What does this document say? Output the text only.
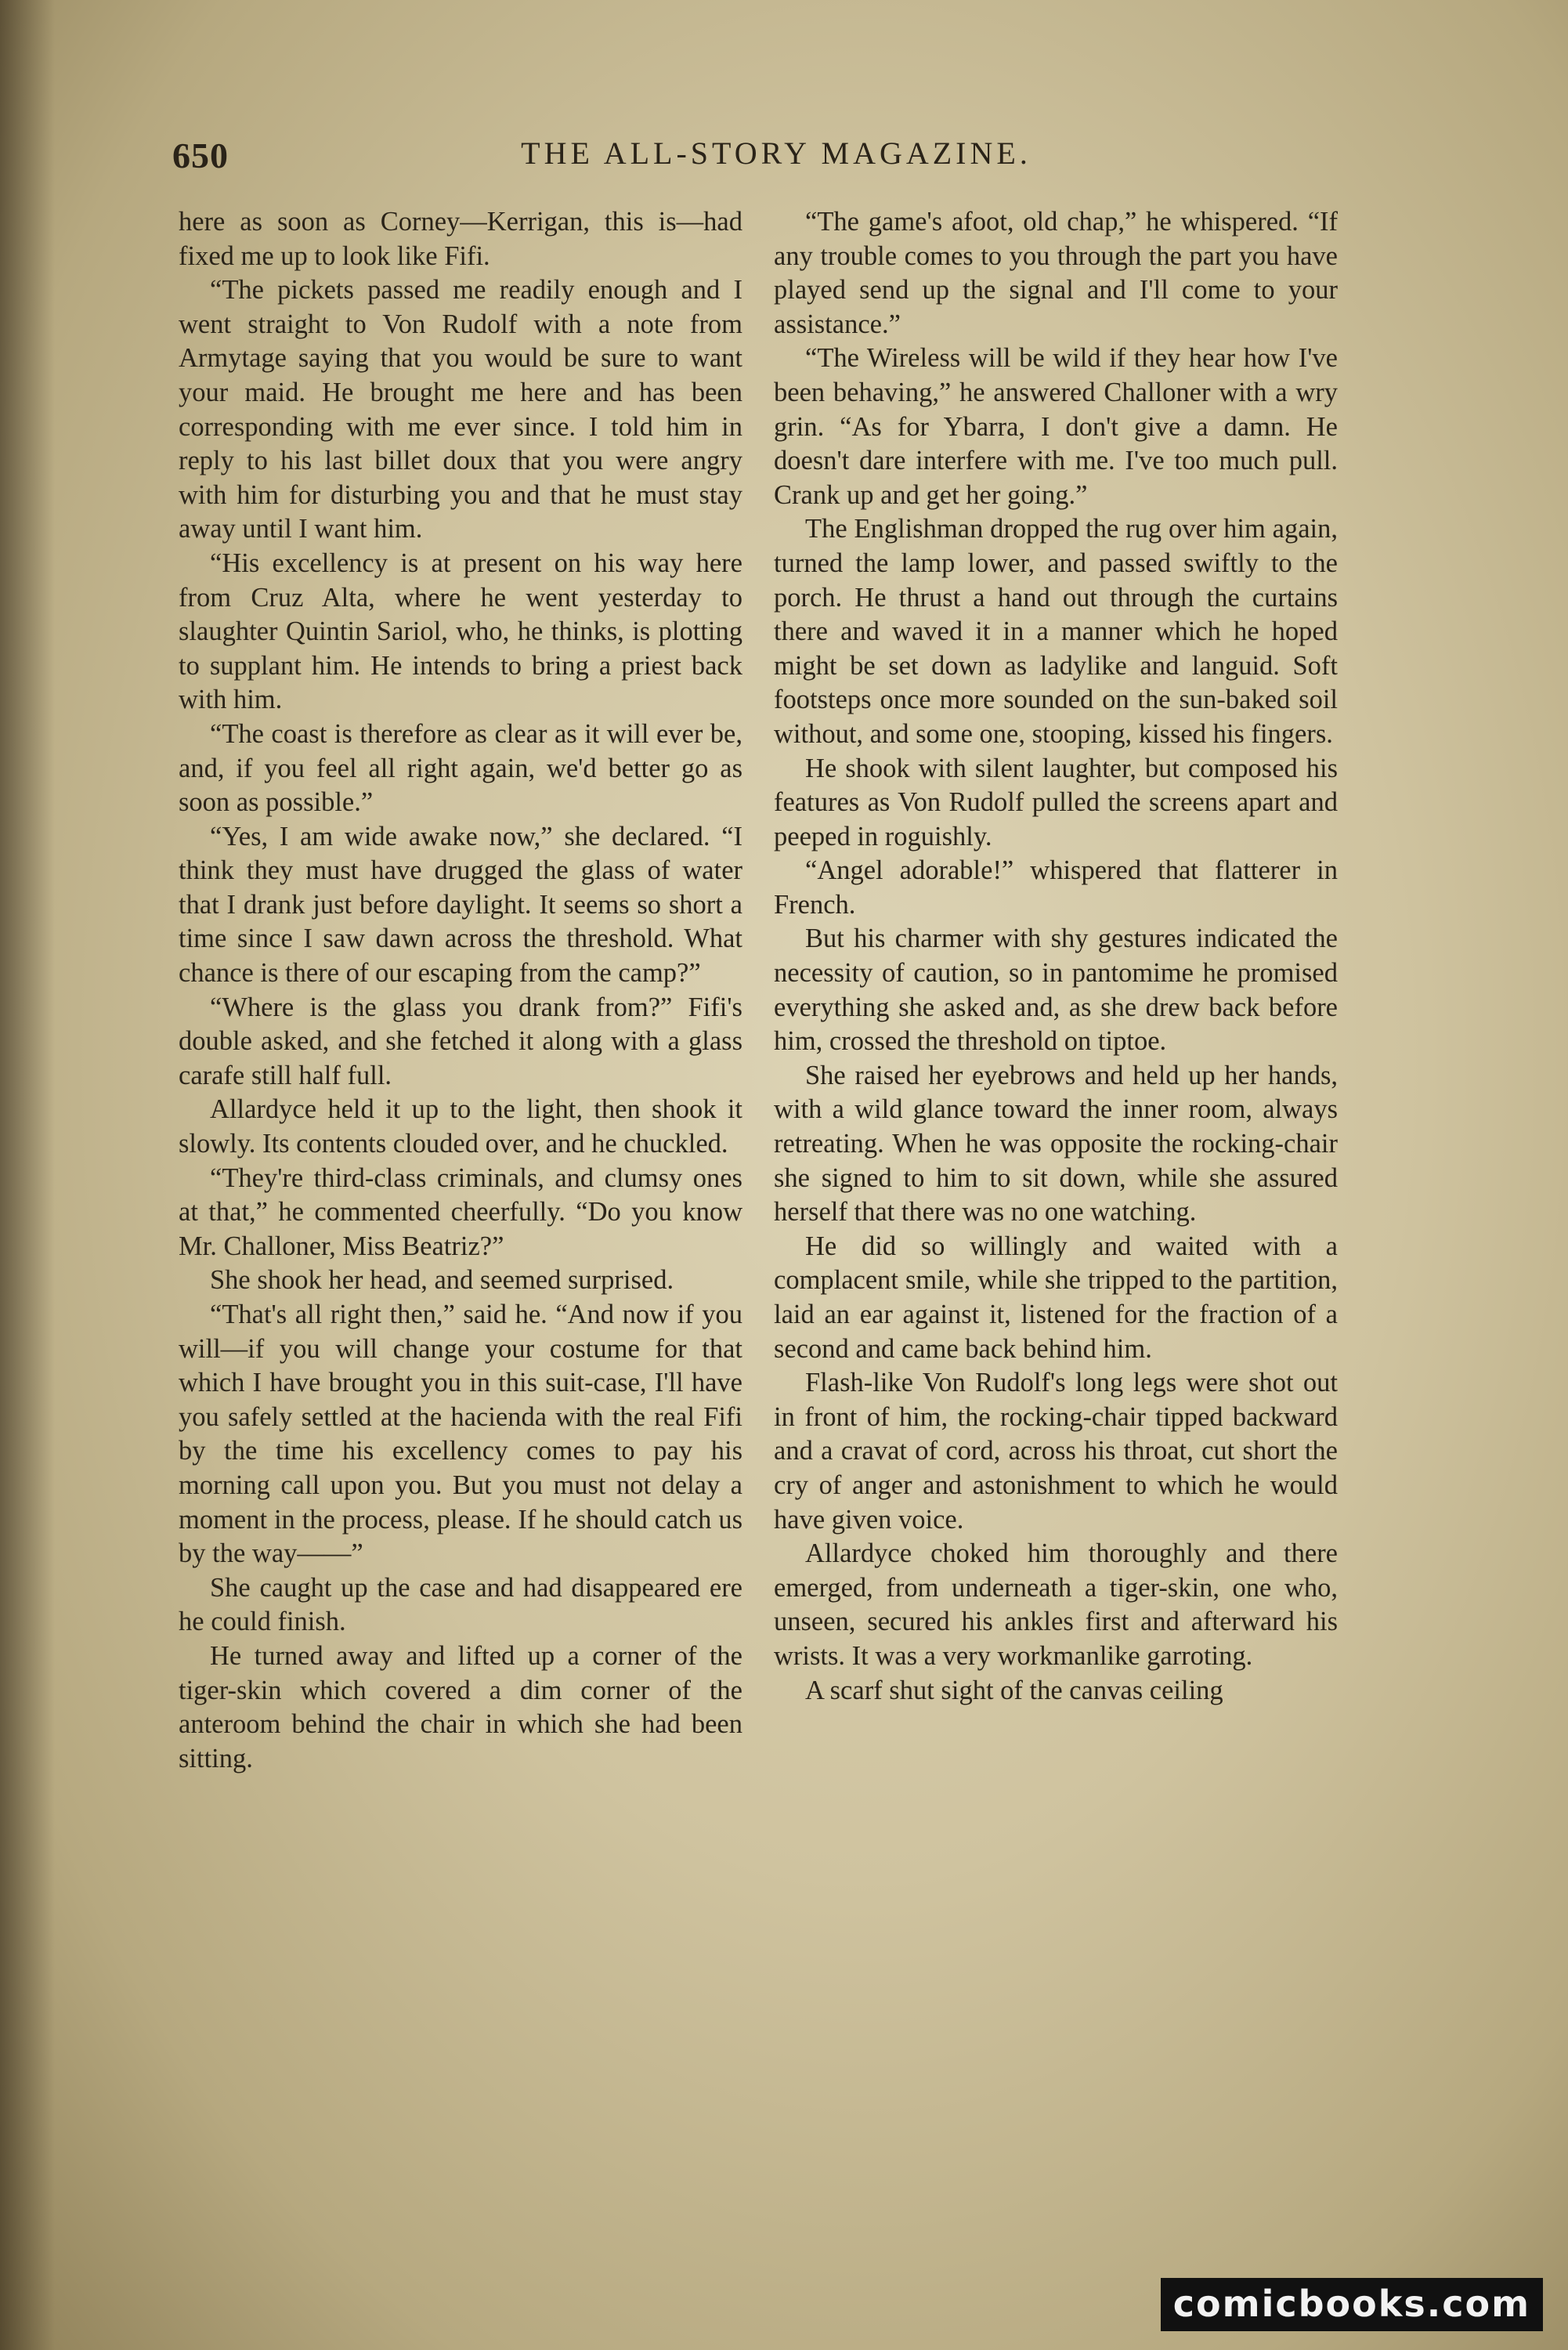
650	THE ALL-STORY MAGAZINE.

here as soon as Corney—Kerrigan, this is—had fixed me up to look like Fifi.

“The pickets passed me readily enough and I went straight to Von Rudolf with a note from Armytage saying that you would be sure to want your maid. He brought me here and has been corresponding with me ever since. I told him in reply to his last billet doux that you were angry with him for disturbing you and that he must stay away until I want him.

“His excellency is at present on his way here from Cruz Alta, where he went yesterday to slaughter Quintin Sariol, who, he thinks, is plotting to supplant him. He intends to bring a priest back with him.

“The coast is therefore as clear as it will ever be, and, if you feel all right again, we'd better go as soon as possible.”

“Yes, I am wide awake now,” she declared. “I think they must have drugged the glass of water that I drank just before daylight. It seems so short a time since I saw dawn across the threshold. What chance is there of our escaping from the camp?”

“Where is the glass you drank from?” Fifi's double asked, and she fetched it along with a glass carafe still half full.

Allardyce held it up to the light, then shook it slowly. Its contents clouded over, and he chuckled.

“They're third-class criminals, and clumsy ones at that,” he commented cheerfully. “Do you know Mr. Challoner, Miss Beatriz?”

She shook her head, and seemed surprised.

“That's all right then,” said he. “And now if you will—if you will change your costume for that which I have brought you in this suit-case, I'll have you safely settled at the hacienda with the real Fifi by the time his excellency comes to pay his morning call upon you. But you must not delay a moment in the process, please. If he should catch us by the way——”

She caught up the case and had disappeared ere he could finish.

He turned away and lifted up a corner of the tiger-skin which covered a dim corner of the anteroom behind the chair in which she had been sitting.

“The game's afoot, old chap,” he whispered. “If any trouble comes to you through the part you have played send up the signal and I'll come to your assistance.”

“The Wireless will be wild if they hear how I've been behaving,” he answered Challoner with a wry grin. “As for Ybarra, I don't give a damn. He doesn't dare interfere with me. I've too much pull. Crank up and get her going.”

The Englishman dropped the rug over him again, turned the lamp lower, and passed swiftly to the porch. He thrust a hand out through the curtains there and waved it in a manner which he hoped might be set down as ladylike and languid. Soft footsteps once more sounded on the sun-baked soil without, and some one, stooping, kissed his fingers.

He shook with silent laughter, but composed his features as Von Rudolf pulled the screens apart and peeped in roguishly.

“Angel adorable!” whispered that flatterer in French.

But his charmer with shy gestures indicated the necessity of caution, so in pantomime he promised everything she asked and, as she drew back before him, crossed the threshold on tiptoe.

She raised her eyebrows and held up her hands, with a wild glance toward the inner room, always retreating. When he was opposite the rocking-chair she signed to him to sit down, while she assured herself that there was no one watching.

He did so willingly and waited with a complacent smile, while she tripped to the partition, laid an ear against it, listened for the fraction of a second and came back behind him.

Flash-like Von Rudolf's long legs were shot out in front of him, the rocking-chair tipped backward and a cravat of cord, across his throat, cut short the cry of anger and astonishment to which he would have given voice.

Allardyce choked him thoroughly and there emerged, from underneath a tiger-skin, one who, unseen, secured his ankles first and afterward his wrists. It was a very workmanlike garroting.

A scarf shut sight of the canvas ceiling

comicbooks.com
